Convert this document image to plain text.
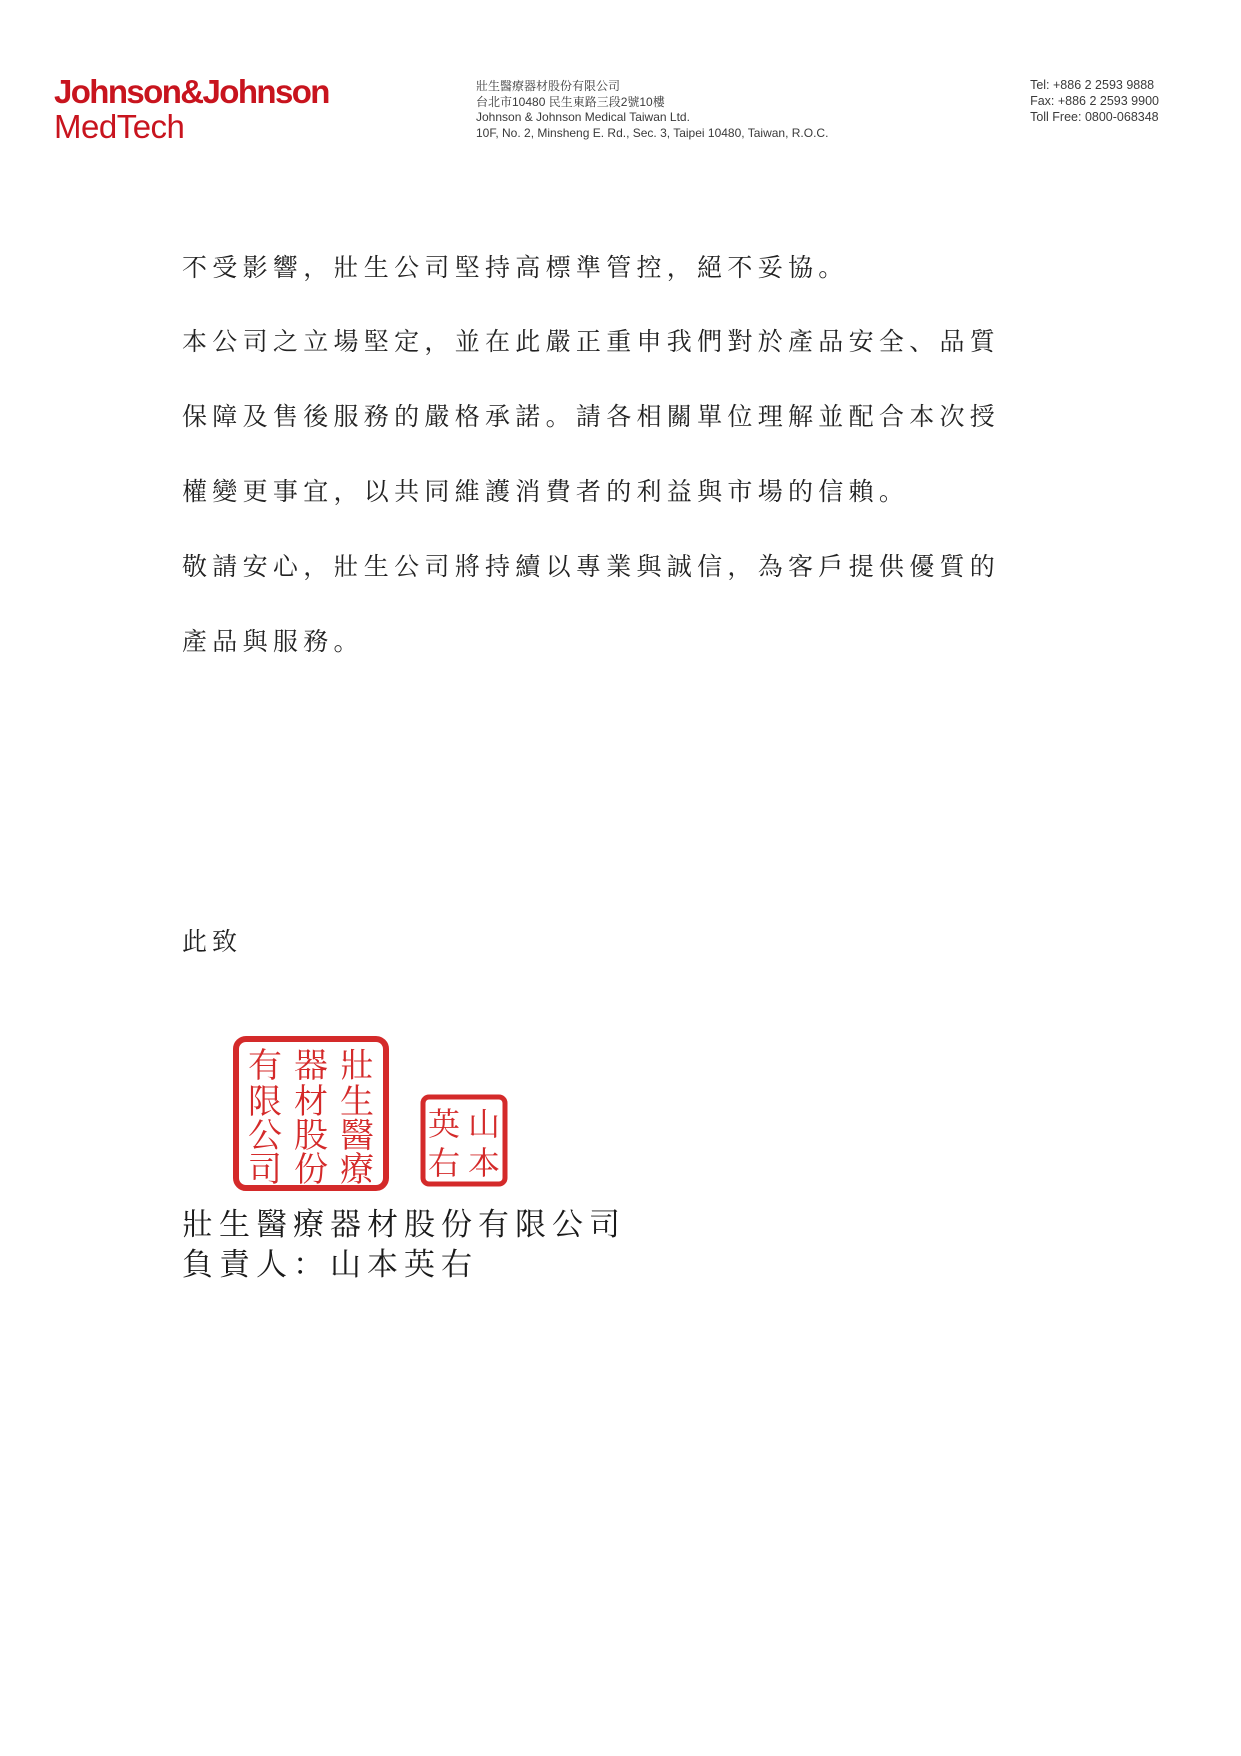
Johnson&Johnson
MedTech
壯生醫療器材股份有限公司
台北市10480 民生東路三段2號10樓
Johnson & Johnson Medical Taiwan Ltd.
10F, No. 2, Minsheng E. Rd., Sec. 3, Taipei 10480, Taiwan, R.O.C.
Tel: +886 2 2593 9888
Fax: +886 2 2593 9900
Toll Free: 0800-068348
不受影響，壯生公司堅持高標準管控，絕不妥協。
本公司之立場堅定，並在此嚴正重申我們對於產品安全、品質
保障及售後服務的嚴格承諾。請各相關單位理解並配合本次授
權變更事宜，以共同維護消費者的利益與市場的信賴。
敬請安心，壯生公司將持續以專業與誠信，為客戶提供優質的
產品與服務。
此致
壯
生
醫
療
器
材
股
份
有
限
公
司
山
本
英
右
壯生醫療器材股份有限公司
負責人：山本英右
